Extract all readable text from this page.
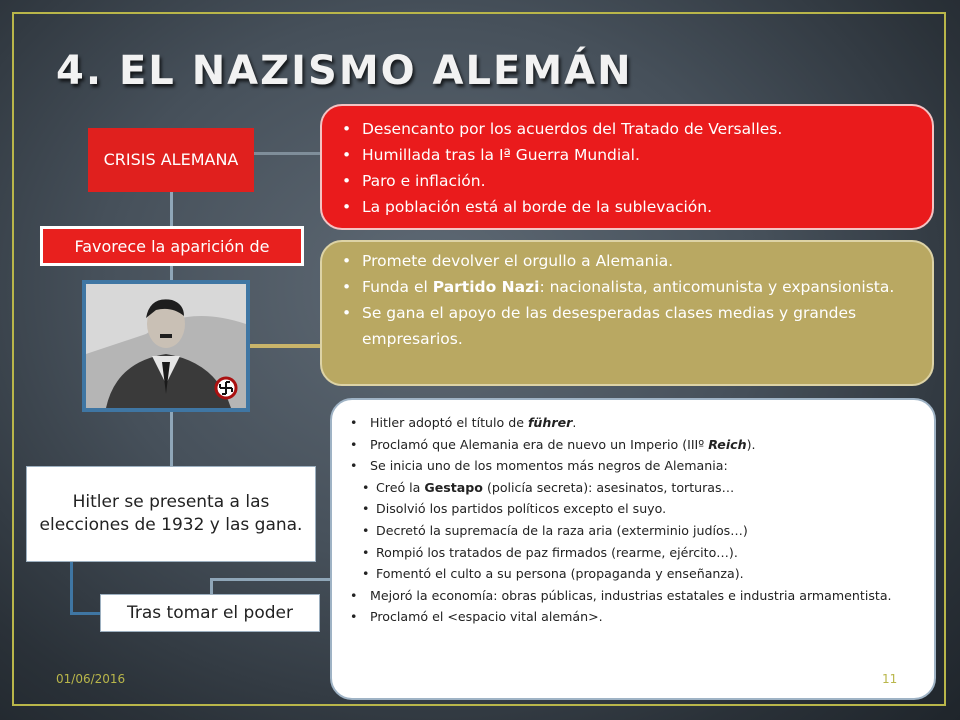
4. EL NAZISMO ALEMÁN
CRISIS ALEMANA
Favorece la aparición de
Hitler se presenta a las elecciones de 1932 y las gana.
Tras tomar el poder
• Desencanto por los acuerdos del Tratado de Versalles.
• Humillada tras la Iª Guerra Mundial.
• Paro e inflación.
• La población está al borde de la sublevación.
• Promete devolver el orgullo a Alemania.
• Funda el Partido Nazi: nacionalista, anticomunista y expansionista.
• Se gana el apoyo de las desesperadas clases medias y grandes empresarios.
• Hitler adoptó el título de führer.
• Proclamó que Alemania era de nuevo un Imperio (IIIº Reich).
• Se inicia uno de los momentos más negros de Alemania:
• Creó la Gestapo (policía secreta): asesinatos, torturas…
• Disolvió los partidos políticos excepto el suyo.
• Decretó la supremacía de la raza aria (exterminio judíos…)
• Rompió los tratados de paz firmados (rearme, ejército…).
• Fomentó el culto a su persona (propaganda y enseñanza).
• Mejoró la economía: obras públicas, industrias estatales e industria armamentista.
• Proclamó el <espacio vital alemán>.
01/06/2016	11
